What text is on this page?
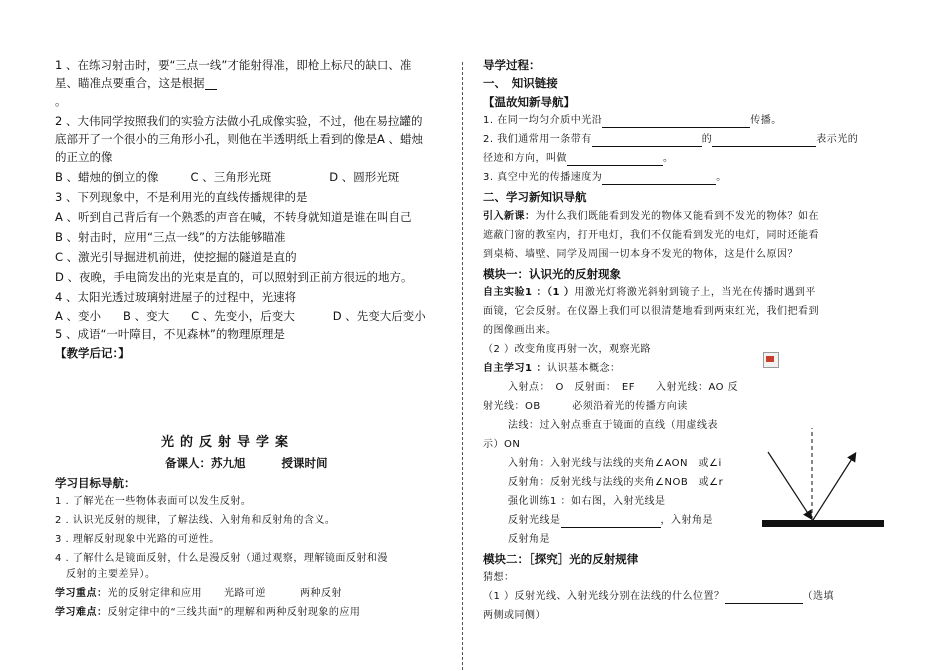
1 、在练习射击时，要“三点一线”才能射得准，即枪上标尺的缺口、准
星、瞄准点要重合，这是根据
。
2 、大伟同学按照我们的实验方法做小孔成像实验，不过，他在易拉罐的
底部开了一个很小的三角形小孔，则他在半透明纸上看到的像是A 、蜡烛
的正立的像
B 、蜡烛的倒立的像	C 、三角形光斑	D 、圆形光斑
3 、下列现象中，不是利用光的直线传播规律的是
A 、听到自己背后有一个熟悉的声音在喊，不转身就知道是谁在叫自己
B 、射击时，应用“三点一线”的方法能够瞄准
C 、激光引导掘进机前进，使挖掘的隧道是直的
D 、夜晚，手电筒发出的光束是直的，可以照射到正前方很远的地方。
4 、太阳光透过玻璃射进屋子的过程中，光速将
A 、变小 B 、变大 C 、先变小，后变大	D 、先变大后变小
5 、成语“一叶障目，不见森林”的物理原理是
【教学后记：】
光的反射导学案
备课人：苏九旭	授课时间
学习目标导航：
1 . 了解光在一些物体表面可以发生反射。
2 . 认识光反射的规律，了解法线、入射角和反射角的含义。
3 . 理解反射现象中光路的可逆性。
4 . 了解什么是镜面反射，什么是漫反射（通过观察，理解镜面反射和漫
反射的主要差异）。
学习重点：光的反射定律和应用 光路可逆	两种反射
学习难点：反射定律中的“三线共面”的理解和两种反射现象的应用
导学过程：
一、　知识链接
【温故知新导航】
1. 在同一均匀介质中光沿	传播。
2. 我们通常用一条带有	的	表示光的
径迹和方向，叫做	。
3. 真空中光的传播速度为	。
二、学习新知识导航
引入新课：为什么我们既能看到发光的物体又能看到不发光的物体？如在
遮蔽门窗的教室内，打开电灯，我们不仅能看到发光的电灯，同时还能看
到桌椅、墙壁、同学及周围一切本身不发光的物体，这是什么原因？
模块一：认识光的反射现象
自主实验1 ：（1 ）用激光灯将激光斜射到镜子上，当光在传播时遇到平
面镜，它会反射。在仪器上我们可以很清楚地看到两束红光，我们把看到
的图像画出来。
（2 ）改变角度再射一次，观察光路
自主学习1 ：认识基本概念：
入射点：　O　反射面：　EF　　入射光线：AO 反
射光线：OB　　　必须沿着光的传播方向读
法线：过入射点垂直于镜面的直线（用虚线表
示）ON
入射角：入射光线与法线的夹角∠AON　或∠i
反射角：反射光线与法线的夹角∠NOB　或∠r
强化训练1 ：如右图，入射光线是
反射光线是	，入射角是
反射角是
模块二：［探究］光的反射规律
猜想：
（1 ）反射光线、入射光线分别在法线的什么位置？	（选填
两侧或同侧）
